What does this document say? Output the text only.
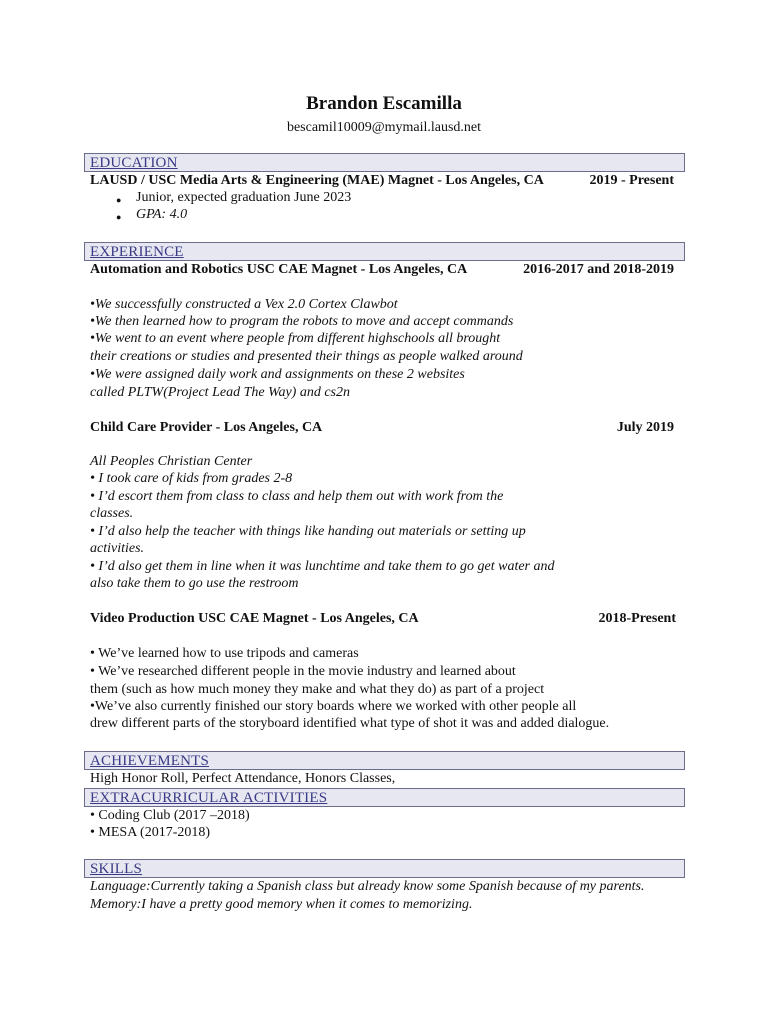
Brandon Escamilla
bescamil10009@mymail.lausd.net
EDUCATION
LAUSD / USC Media Arts & Engineering (MAE) Magnet - Los Angeles, CA	2019 - Present
● Junior, expected graduation June 2023
● GPA: 4.0
EXPERIENCE
Automation and Robotics USC CAE Magnet - Los Angeles, CA	2016-2017 and 2018-2019
•We successfully constructed a Vex 2.0 Cortex Clawbot
•We then learned how to program the robots to move and accept commands
•We went to an event where people from different highschools all brought
their creations or studies and presented their things as people walked around
•We were assigned daily work and assignments on these 2 websites
called PLTW(Project Lead The Way) and cs2n
Child Care Provider - Los Angeles, CA	July 2019
All Peoples Christian Center
• I took care of kids from grades 2-8
• I’d escort them from class to class and help them out with work from the
classes.
• I’d also help the teacher with things like handing out materials or setting up
activities.
• I’d also get them in line when it was lunchtime and take them to go get water and
also take them to go use the restroom
Video Production USC CAE Magnet - Los Angeles, CA	2018-Present
• We’ve learned how to use tripods and cameras
• We’ve researched different people in the movie industry and learned about
them (such as how much money they make and what they do) as part of a project
•We’ve also currently finished our story boards where we worked with other people all
drew different parts of the storyboard identified what type of shot it was and added dialogue.
ACHIEVEMENTS
High Honor Roll, Perfect Attendance, Honors Classes,
EXTRACURRICULAR ACTIVITIES
• Coding Club (2017 –2018)
• MESA (2017-2018)
SKILLS
Language:Currently taking a Spanish class but already know some Spanish because of my parents.
Memory:I have a pretty good memory when it comes to memorizing.
